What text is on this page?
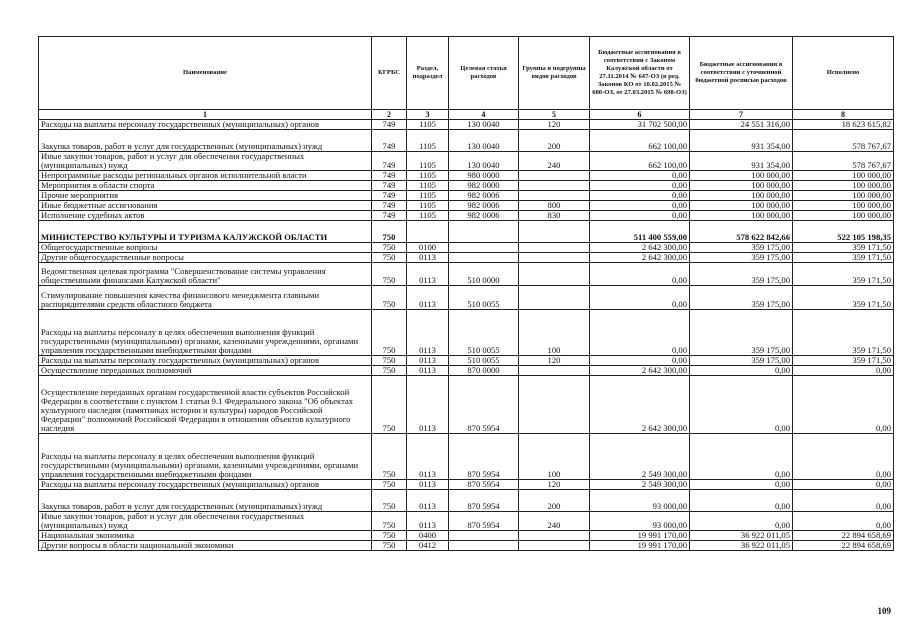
Наименование	КГРБС	Раздел, подраздел	Целевая статья расходов	Группы и подгруппы видов расходов	Бюджетные ассигнования в соответствии с Законом Калужской области от 27.11.2014 № 647-ОЗ (в ред. Законов КО от 10.02.2015 № 680-ОЗ, от 27.03.2015 № 698-ОЗ)	Бюджетные ассигнования в соответствии с уточненной бюджетной росписью расходов	Исполнено
1	2	3	4	5	6	7	8
Расходы на выплаты персоналу государственных (муниципальных) органов	749	1105	130 0040	120	31 702 500,00	24 551 316,00	18 623 615,82
Закупка товаров, работ и услуг для государственных (муниципальных) нужд	749	1105	130 0040	200	662 100,00	931 354,00	578 767,67
Иные закупки товаров, работ и услуг для обеспечения государственных (муниципальных) нужд	749	1105	130 0040	240	662 100,00	931 354,00	578 767,67
Непрограммные расходы региональных органов исполнительной власти	749	1105	980 0000		0,00	100 000,00	100 000,00
Мероприятия в области спорта	749	1105	982 0000		0,00	100 000,00	100 000,00
Прочие мероприятия	749	1105	982 0006		0,00	100 000,00	100 000,00
Иные бюджетные ассигнования	749	1105	982 0006	800	0,00	100 000,00	100 000,00
Исполнение судебных актов	749	1105	982 0006	830	0,00	100 000,00	100 000,00
МИНИСТЕРСТВО КУЛЬТУРЫ И ТУРИЗМА КАЛУЖСКОЙ ОБЛАСТИ	750				511 400 559,00	578 622 842,66	522 105 198,35
Общегосударственные вопросы	750	0100			2 642 300,00	359 175,00	359 171,50
Другие общегосударственные вопросы	750	0113			2 642 300,00	359 175,00	359 171,50
Ведомственная целевая программа "Совершенствование системы управления общественными финансами Калужской области"	750	0113	510 0000		0,00	359 175,00	359 171,50
Стимулирование повышения качества финансового менеджмента главными распорядителями средств областного бюджета	750	0113	510 0055		0,00	359 175,00	359 171,50
Расходы на выплаты персоналу в целях обеспечения выполнения функций государственными (муниципальными) органами, казенными учреждениями, органами управления государственными внебюджетными фондами	750	0113	510 0055	100	0,00	359 175,00	359 171,50
Расходы на выплаты персоналу государственных (муниципальных) органов	750	0113	510 0055	120	0,00	359 175,00	359 171,50
Осуществление переданных полномочий	750	0113	870 0000		2 642 300,00	0,00	0,00
Осуществление переданных органам государственной власти субъектов Российской Федерации в соответствии с пунктом 1 статьи 9.1 Федерального закона "Об объектах культурного наследия (памятниках истории и культуры) народов Российской Федерации" полномочий Российской Федерации в отношении объектов культурного наследия	750	0113	870 5954		2 642 300,00	0,00	0,00
Расходы на выплаты персоналу в целях обеспечения выполнения функций государственными (муниципальными) органами, казенными учреждениями, органами управления государственными внебюджетными фондами	750	0113	870 5954	100	2 549 300,00	0,00	0,00
Расходы на выплаты персоналу государственных (муниципальных) органов	750	0113	870 5954	120	2 549 300,00	0,00	0,00
Закупка товаров, работ и услуг для государственных (муниципальных) нужд	750	0113	870 5954	200	93 000,00	0,00	0,00
Иные закупки товаров, работ и услуг для обеспечения государственных (муниципальных) нужд	750	0113	870 5954	240	93 000,00	0,00	0,00
Национальная экономика	750	0400			19 991 170,00	36 922 011,05	22 894 658,69
Другие вопросы в области национальной экономики	750	0412			19 991 170,00	36 922 011,05	22 894 658,69
109
